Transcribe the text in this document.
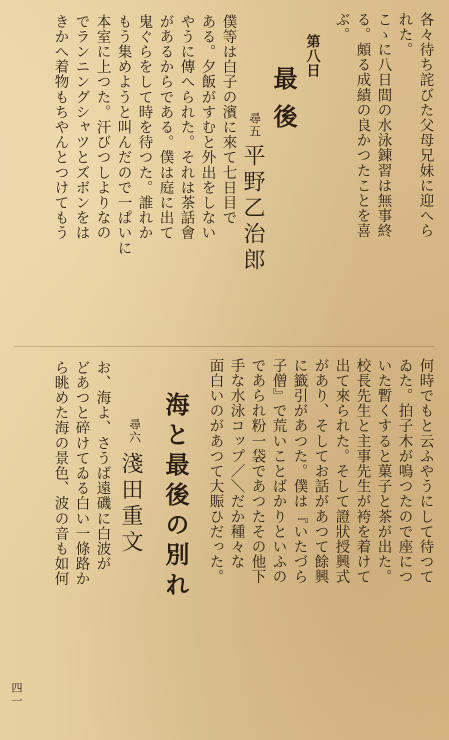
各々待ち詫びた父母兄妹に迎へら
れた。
こゝに八日間の水泳錬習は無事終
る。頗る成績の良かつたことを喜
ぶ。
第八日
最後
尋五
平野乙治郎
僕等は白子の濱に來て七日目で
ある。夕飯がすむと外出をしない
やうに傳へられた。それは茶話會
があるからである。僕は庭に出て
鬼ぐらをして時を待つた。誰れか
もう集めようと叫んだので一ぱいに
本室に上つた。汗びつしよりなの
でランニングシャツとズボンをは
きかへ着物もちやんとつけてもう
何時でもと云ふやうにして待つて
ゐた。拍子木が鳴つたので座につ
いた暫くすると菓子と茶が出た。
校長先生と主事先生が袴を着けて
出て來られた。そして證狀授興式
があり、そしてお話があつて餘興
に籤引があつた。僕は『いたづら
子僧』で荒いことばかりといふの
であられ粉一袋であつたその他下
手な水泳コップ／＼だか種々な
面白いのがあつて大賑ひだった。
海と最後の別れ
尋六
淺田重文
お、海よ、さうば遠磯に白波が
どあつと碎けてゐる白い一條路か
ら眺めた海の景色、波の音も如何
四一
